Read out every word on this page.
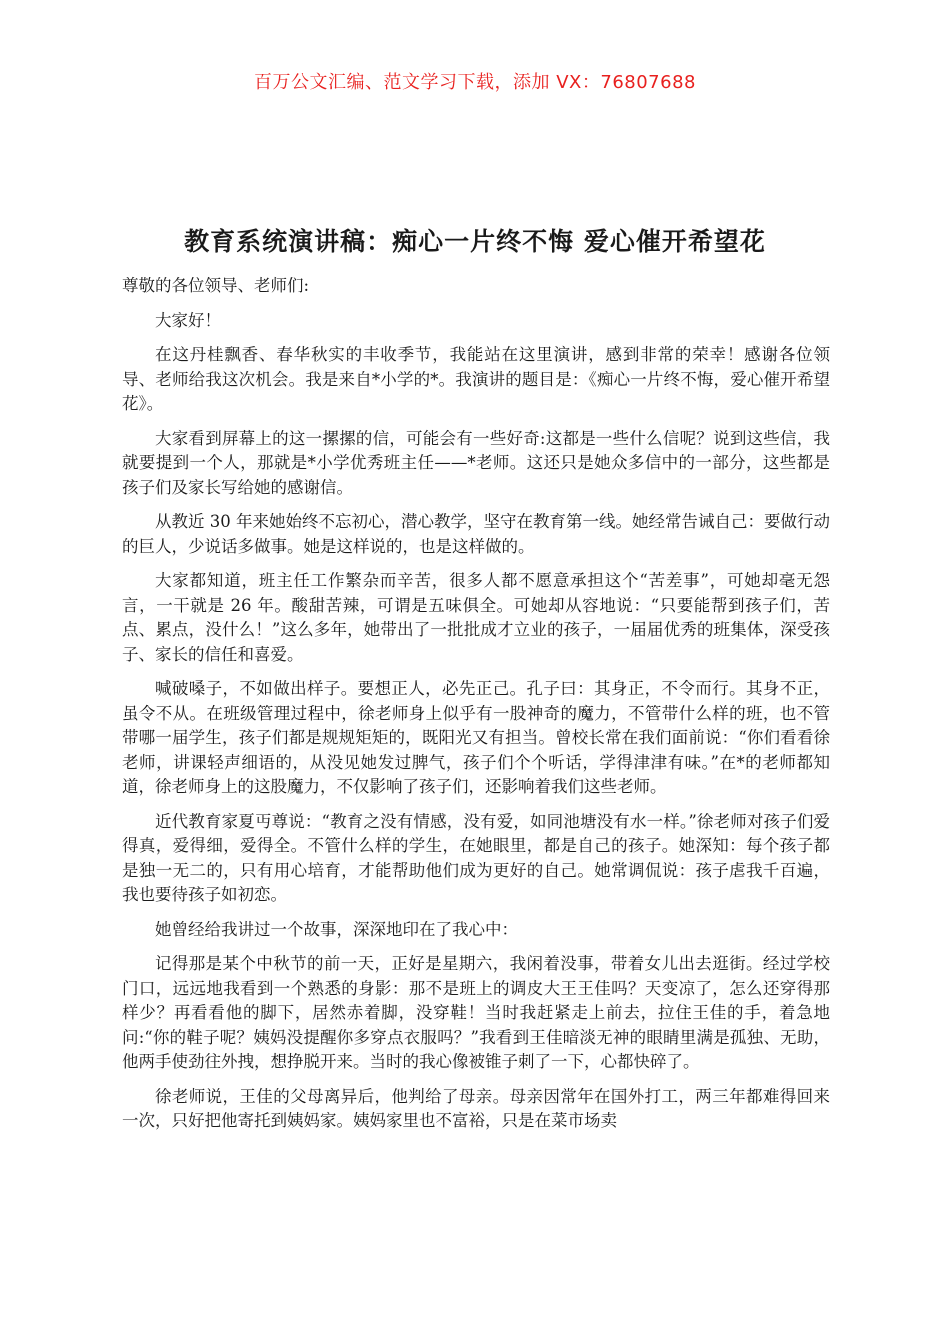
百万公文汇编、范文学习下载，添加 VX：76807688
教育系统演讲稿：痴心一片终不悔 爱心催开希望花

尊敬的各位领导、老师们:

大家好！

在这丹桂飘香、春华秋实的丰收季节，我能站在这里演讲，感到非常的荣幸！感谢各位领导、老师给我这次机会。我是来自*小学的*。我演讲的题目是：《痴心一片终不悔，爱心催开希望花》。

大家看到屏幕上的这一摞摞的信，可能会有一些好奇:这都是一些什么信呢？说到这些信，我就要提到一个人，那就是*小学优秀班主任——*老师。这还只是她众多信中的一部分，这些都是孩子们及家长写给她的感谢信。

从教近 30 年来她始终不忘初心，潜心教学，坚守在教育第一线。她经常告诫自己：要做行动的巨人，少说话多做事。她是这样说的，也是这样做的。

大家都知道，班主任工作繁杂而辛苦，很多人都不愿意承担这个“苦差事”，可她却毫无怨言，一干就是 26 年。酸甜苦辣，可谓是五味俱全。可她却从容地说：“只要能帮到孩子们，苦点、累点，没什么！”这么多年，她带出了一批批成才立业的孩子，一届届优秀的班集体，深受孩子、家长的信任和喜爱。

喊破嗓子，不如做出样子。要想正人，必先正己。孔子曰：其身正，不令而行。其身不正，虽令不从。在班级管理过程中，徐老师身上似乎有一股神奇的魔力，不管带什么样的班，也不管带哪一届学生，孩子们都是规规矩矩的，既阳光又有担当。曾校长常在我们面前说：“你们看看徐老师，讲课轻声细语的，从没见她发过脾气，孩子们个个听话，学得津津有味。”在*的老师都知道，徐老师身上的这股魔力，不仅影响了孩子们，还影响着我们这些老师。

近代教育家夏丏尊说：“教育之没有情感，没有爱，如同池塘没有水一样。”徐老师对孩子们爱得真，爱得细，爱得全。不管什么样的学生，在她眼里，都是自己的孩子。她深知：每个孩子都是独一无二的，只有用心培育，才能帮助他们成为更好的自己。她常调侃说：孩子虐我千百遍，我也要待孩子如初恋。

她曾经给我讲过一个故事，深深地印在了我心中：

记得那是某个中秋节的前一天，正好是星期六，我闲着没事，带着女儿出去逛街。经过学校门口，远远地我看到一个熟悉的身影：那不是班上的调皮大王王佳吗？天变凉了，怎么还穿得那样少？再看看他的脚下，居然赤着脚，没穿鞋！当时我赶紧走上前去，拉住王佳的手，着急地问:“你的鞋子呢？姨妈没提醒你多穿点衣服吗？”我看到王佳暗淡无神的眼睛里满是孤独、无助，他两手使劲往外拽，想挣脱开来。当时的我心像被锥子刺了一下，心都快碎了。

徐老师说，王佳的父母离异后，他判给了母亲。母亲因常年在国外打工，两三年都难得回来一次，只好把他寄托到姨妈家。姨妈家里也不富裕，只是在菜市场卖
